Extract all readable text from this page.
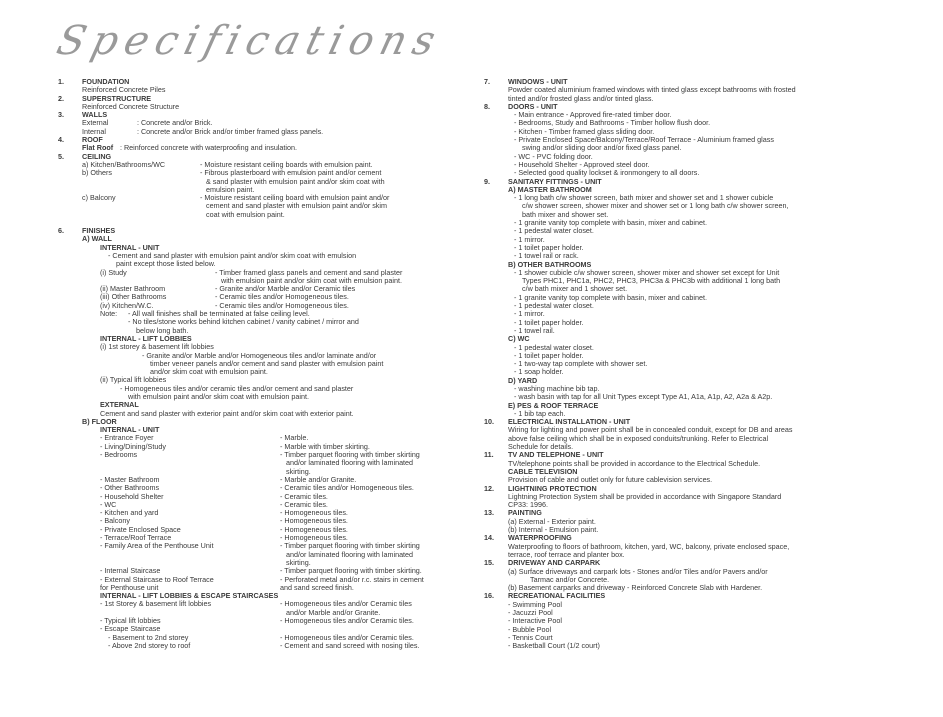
Specifications
1.	FOUNDATION
Reinforced Concrete Piles
2.	SUPERSTRUCTURE
Reinforced Concrete Structure
3.	WALLS
External	: Concrete and/or Brick.
Internal	: Concrete and/or Brick and/or timber framed glass panels.
4.	ROOF
Flat Roof : Reinforced concrete with waterproofing and insulation.
5.	CEILING
a) Kitchen/Bathrooms/WC	- Moisture resistant ceiling boards with emulsion paint.
b) Others	- Fibrous plasterboard with emulsion paint and/or cement
& sand plaster with emulsion paint and/or skim coat with
emulsion paint.
c) Balcony	- Moisture resistant ceiling board with emulsion paint and/or
cement and sand plaster with emulsion paint and/or skim
coat with emulsion paint.
6.	FINISHES
A) WALL
INTERNAL - UNIT
- Cement and sand plaster with emulsion paint and/or skim coat with emulsion
paint except those listed below.
(i) Study	- Timber framed glass panels and cement and sand plaster
with emulsion paint and/or skim coat with emulsion paint.
(ii) Master Bathroom	- Granite and/or Marble and/or Ceramic tiles
(iii) Other Bathrooms	- Ceramic tiles and/or Homogeneous tiles.
(iv) Kitchen/W.C.	- Ceramic tiles and/or Homogeneous tiles.
Note:	- All wall finishes shall be terminated at false ceiling level.
- No tiles/stone works behind kitchen cabinet / vanity cabinet / mirror and
below long bath.
INTERNAL - LIFT LOBBIES
(i) 1st storey & basement lift lobbies
- Granite and/or Marble and/or Homogeneous tiles and/or laminate and/or
timber veneer panels and/or cement and sand plaster with emulsion paint
and/or skim coat with emulsion paint.
(ii) Typical lift lobbies
- Homogeneous tiles and/or ceramic tiles and/or cement and sand plaster
with emulsion paint and/or skim coat with emulsion paint.
EXTERNAL
Cement and sand plaster with exterior paint and/or skim coat with exterior paint.
B) FLOOR
INTERNAL - UNIT
- Entrance Foyer	- Marble.
- Living/Dining/Study	- Marble with timber skirting.
- Bedrooms	- Timber parquet flooring with timber skirting
and/or laminated flooring with laminated
skirting.
- Master Bathroom	- Marble and/or Granite.
- Other Bathrooms	- Ceramic tiles and/or Homogeneous tiles.
- Household Shelter	- Ceramic tiles.
- WC	- Ceramic tiles.
- Kitchen and yard	- Homogeneous tiles.
- Balcony	- Homogeneous tiles.
- Private Enclosed Space	- Homogeneous tiles.
- Terrace/Roof Terrace	- Homogeneous tiles.
- Family Area of the Penthouse Unit	- Timber parquet flooring with timber skirting
and/or laminated flooring with laminated
skirting.
- Internal Staircase	- Timber parquet flooring with timber skirting.
- External Staircase to Roof Terrace	- Perforated metal and/or r.c. stairs in cement
for Penthouse unit	and sand screed finish.
INTERNAL - LIFT LOBBIES & ESCAPE STAIRCASES
- 1st Storey & basement lift lobbies	- Homogeneous tiles and/or Ceramic tiles
and/or Marble and/or Granite.
- Typical lift lobbies	- Homogeneous tiles and/or Ceramic tiles.
- Escape Staircase
- Basement to 2nd storey	- Homogeneous tiles and/or Ceramic tiles.
- Above 2nd storey to roof	- Cement and sand screed with nosing tiles.
7.	WINDOWS - UNIT
Powder coated aluminium framed windows with tinted glass except bathrooms with frosted
tinted and/or frosted glass and/or tinted glass.
8.	DOORS - UNIT
- Main entrance - Approved fire-rated timber door.
- Bedrooms, Study and Bathrooms - Timber hollow flush door.
- Kitchen - Timber framed glass sliding door.
- Private Enclosed Space/Balcony/Terrace/Roof Terrace - Aluminium framed glass
swing and/or sliding door and/or fixed glass panel.
- WC - PVC folding door.
- Household Shelter - Approved steel door.
- Selected good quality lockset & ironmongery to all doors.
9.	SANITARY FITTINGS - UNIT
A) MASTER BATHROOM
- 1 long bath c/w shower screen, bath mixer and shower set and 1 shower cubicle
c/w shower screen, shower mixer and shower set or 1 long bath c/w shower screen,
bath mixer and shower set.
- 1 granite vanity top complete with basin, mixer and cabinet.
- 1 pedestal water closet.
- 1 mirror.
- 1 toilet paper holder.
- 1 towel rail or rack.
B) OTHER BATHROOMS
- 1 shower cubicle c/w shower screen, shower mixer and shower set except for Unit
Types PHC1, PHC1a, PHC2, PHC3, PHC3a & PHC3b with additional 1 long bath
c/w bath mixer and 1 shower set.
- 1 granite vanity top complete with basin, mixer and cabinet.
- 1 pedestal water closet.
- 1 mirror.
- 1 toilet paper holder.
- 1 towel rail.
C) WC
- 1 pedestal water closet.
- 1 toilet paper holder.
- 1 two-way tap complete with shower set.
- 1 soap holder.
D) YARD
- washing machine bib tap.
- wash basin with tap for all Unit Types except Type A1, A1a, A1p, A2, A2a & A2p.
E) PES & ROOF TERRACE
- 1 bib tap each.
10.	ELECTRICAL INSTALLATION - UNIT
Wiring for lighting and power point shall be in concealed conduit, except for DB and areas
above false ceiling which shall be in exposed conduits/trunking. Refer to Electrical
Schedule for details.
11.	TV AND TELEPHONE - UNIT
TV/telephone points shall be provided in accordance to the Electrical Schedule.
CABLE TELEVISION
Provision of cable and outlet only for future cablevision services.
12.	LIGHTNING PROTECTION
Lightning Protection System shall be provided in accordance with Singapore Standard
CP33: 1996.
13.	PAINTING
(a) External - Exterior paint.
(b) Internal - Emulsion paint.
14.	WATERPROOFING
Waterproofing to floors of bathroom, kitchen, yard, WC, balcony, private enclosed space,
terrace, roof terrace and planter box.
15.	DRIVEWAY AND CARPARK
(a) Surface driveways and carpark lots - Stones and/or Tiles and/or Pavers and/or
Tarmac and/or Concrete.
(b) Basement carparks and driveway - Reinforced Concrete Slab with Hardener.
16.	RECREATIONAL FACILITIES
- Swimming Pool
- Jacuzzi Pool
- Interactive Pool
- Bubble Pool
- Tennis Court
- Basketball Court (1/2 court)
